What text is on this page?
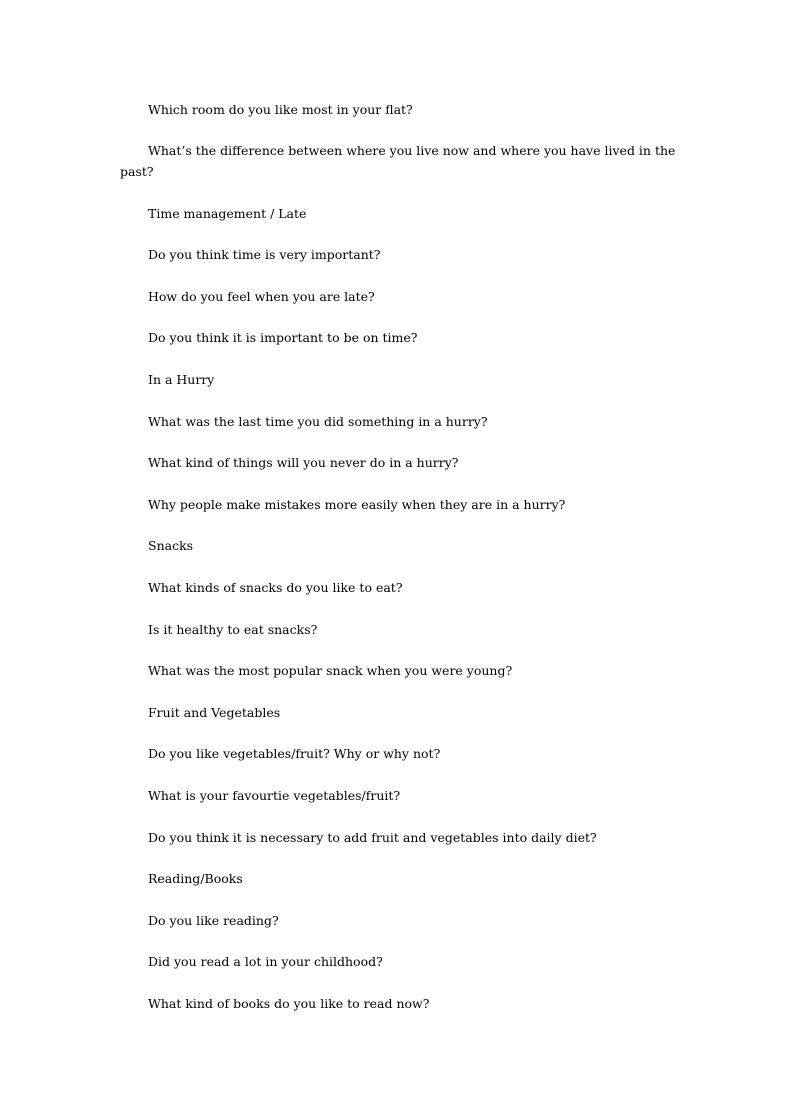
Which room do you like most in your flat?

What’s the difference between where you live now and where you have lived in the past?

Time management / Late

Do you think time is very important?

How do you feel when you are late?

Do you think it is important to be on time?

In a Hurry

What was the last time you did something in a hurry?

What kind of things will you never do in a hurry?

Why people make mistakes more easily when they are in a hurry?

Snacks

What kinds of snacks do you like to eat?

Is it healthy to eat snacks?

What was the most popular snack when you were young?

Fruit and Vegetables

Do you like vegetables/fruit? Why or why not?

What is your favourtie vegetables/fruit?

Do you think it is necessary to add fruit and vegetables into daily diet?

Reading/Books

Do you like reading?

Did you read a lot in your childhood?

What kind of books do you like to read now?
